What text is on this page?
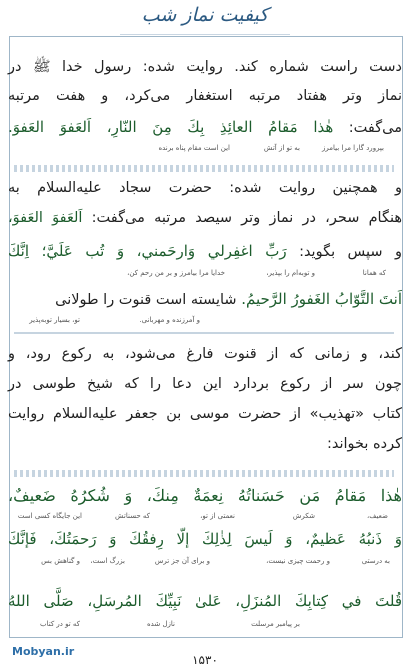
کیفیت نماز شب
دست راست شماره کند. روایت شده: رسول خدا ﷺ در
نماز وتر هفتاد مرتبه استغفار می‌کرد، و هفت مرتبه
می‌گفت: هٰذا مَقامُ العائِذِ بِكَ مِنَ النّارِ، اَلعَفوَ العَفوَ.
این است مقام پناه برنده	به تو از آتش	بپرورد گارا مرا بیامرز
و همچنین روایت شده: حضرت سجاد عليه‌السلام به
هنگام سحر، در نماز وتر سیصد مرتبه می‌گفت: اَلعَفوَ العَفوَ،
و سپس بگوید: رَبِّ اغفِرلي وَارحَمني، وَ تُب عَلَيَّ؛ اِنَّكَ
خدایا مرا بیامرز و بر من رحم کن،	و توبه‌ام را بپذیر،	که همانا
اَنتَ التَّوّابُ الغَفورُ الرَّحيمُ. شایسته است قنوت را طولانی
تو، بسیار توبه‌پذیر	و آمرزنده و مهربانی.
کند، و زمانی که از قنوت فارغ می‌شود، به رکوع رود، و
چون سر از رکوع بردارد این دعا را که شیخ طوسی در
کتاب «تهذیب» از حضرت موسی بن جعفر عليه‌السلام روایت
کرده بخواند:
هٰذا مَقامُ مَن حَسَناتُهُ نِعمَةٌ مِنكَ، وَ شُكرُهُ ضَعيفٌ،
این جایگاه کسی است	که حسناتش	نعمتی از تو،	شکرش	ضعیف،
وَ ذَنبُهُ عَظيمٌ، وَ لَيسَ لِذٰلِكَ إلّا رِفقُكَ وَ رَحمَتُكَ، فَإنَّكَ
و گناهش بس بزرگ است،	و برای آن جز ترس	و رحمت چیزی نیست،	به درستی
قُلتَ في كِتابِكَ المُنزَلِ، عَلىٰ نَبِيِّكَ المُرسَلِ، صَلَّى اللهُ
که تو در کتاب	نازل شده	بر پیامبر مرسلت
Mobyan.ir
۱۵۳۰
